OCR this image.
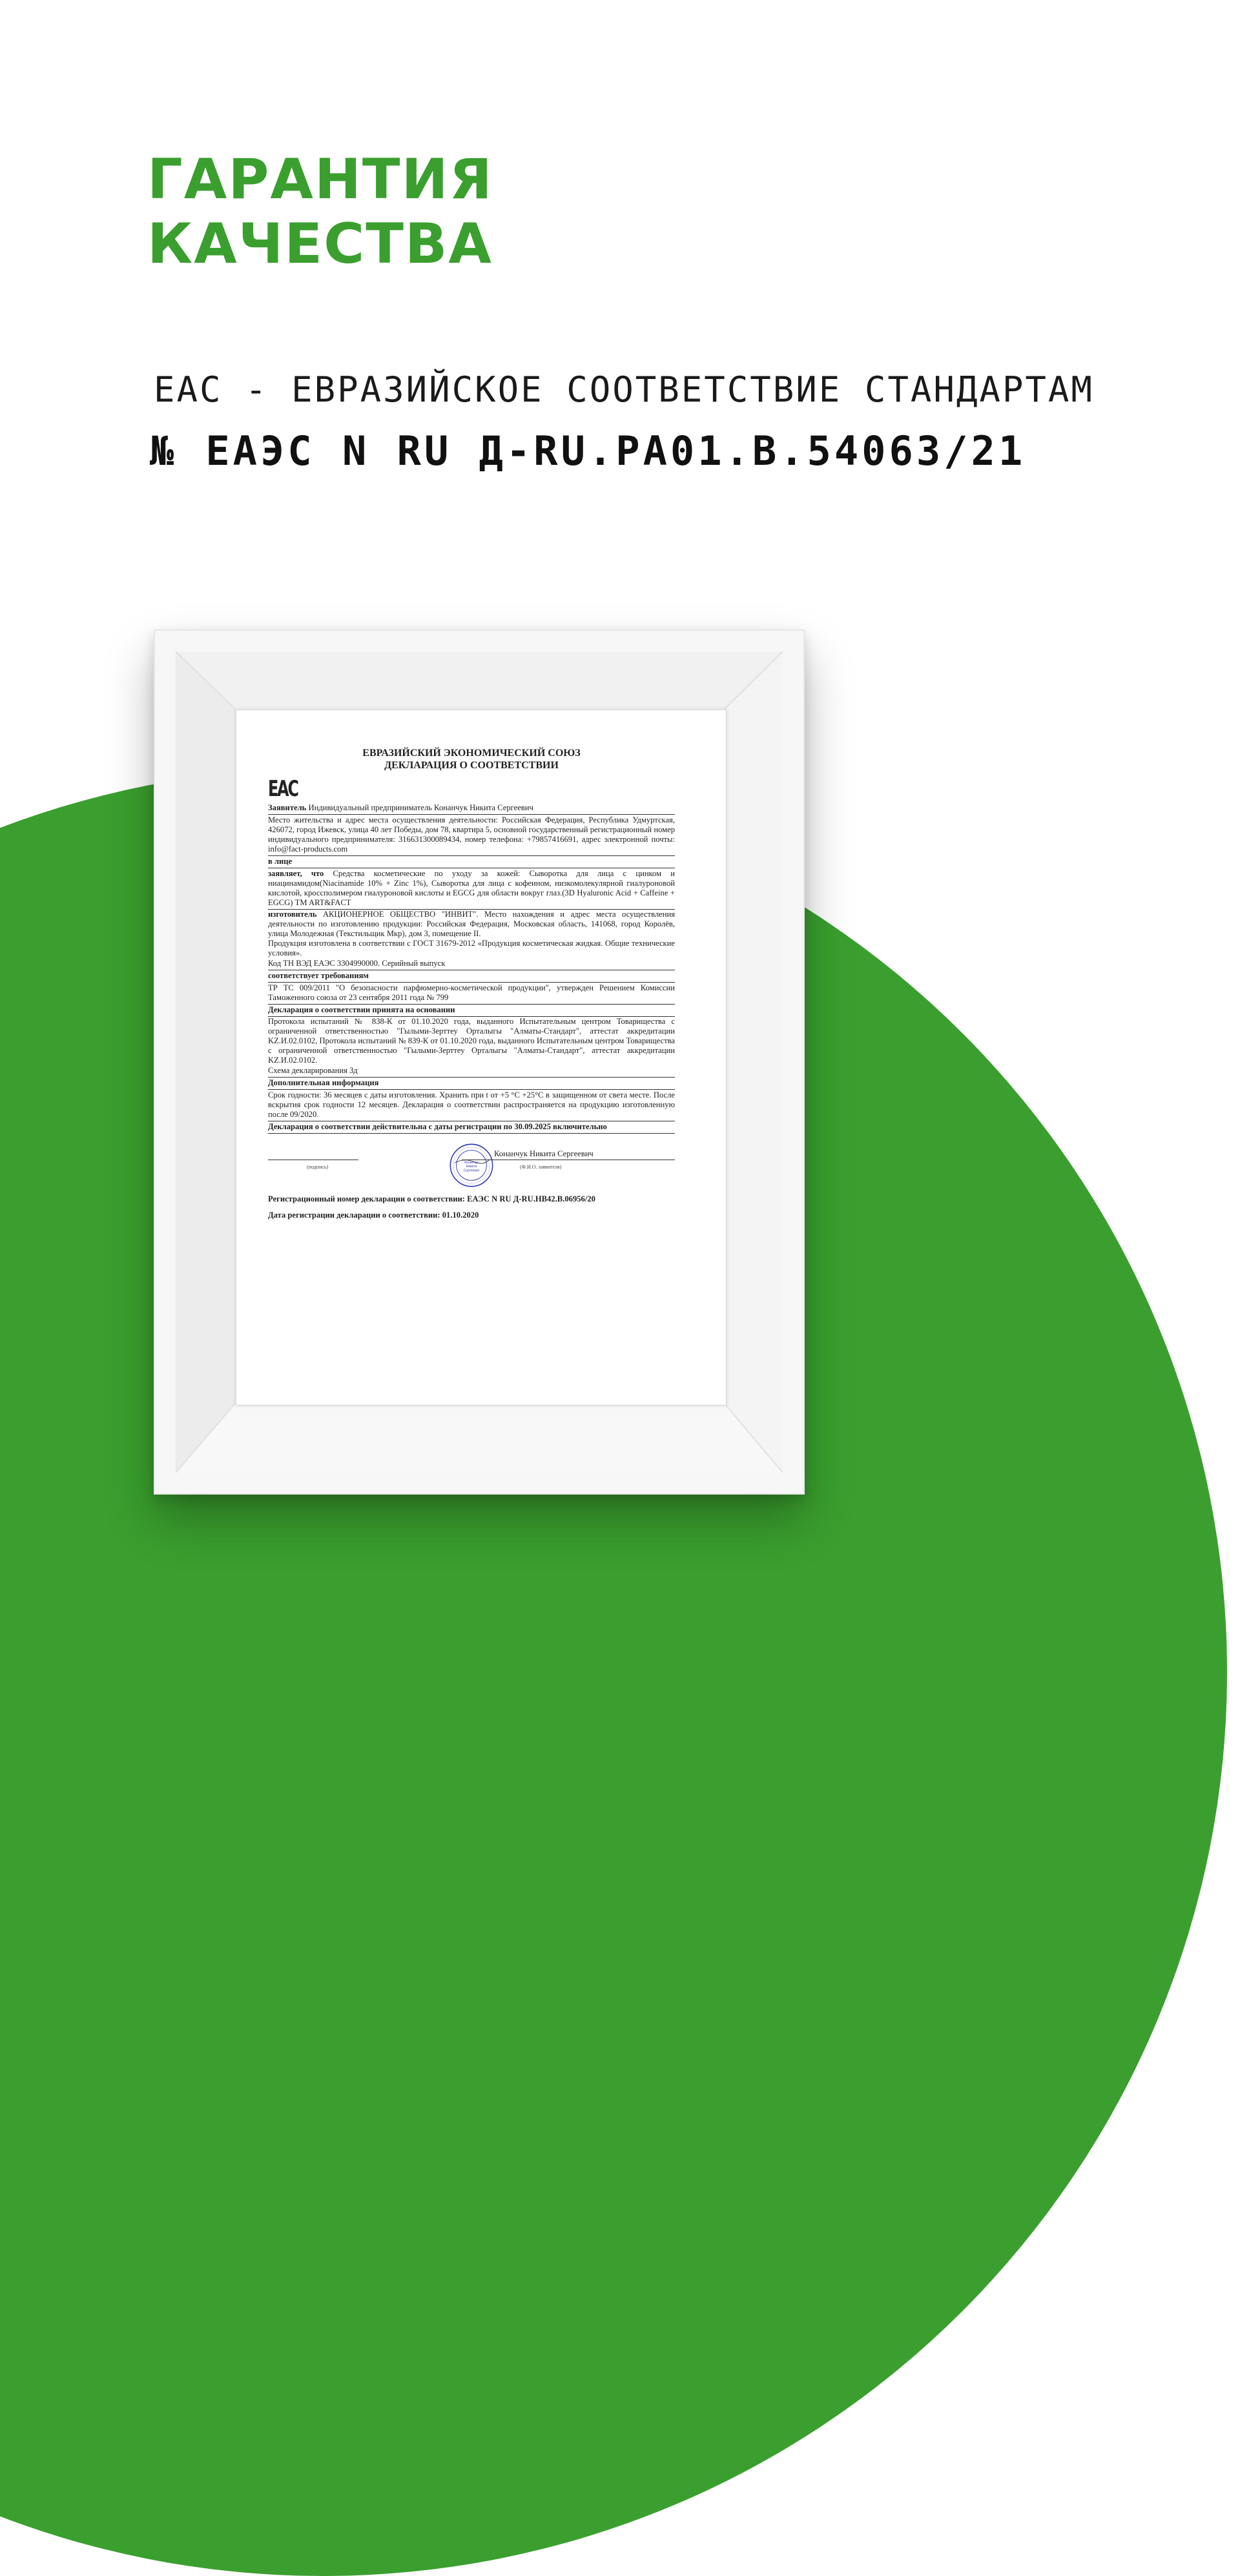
ГАРАНТИЯ
КАЧЕСТВА
EAC - ЕВРАЗИЙСКОЕ СООТВЕТСТВИЕ СТАНДАРТАМ
№ ЕАЭС N RU Д-RU.PA01.B.54063/21
ЕВРАЗИЙСКИЙ ЭКОНОМИЧЕСКИЙ СОЮЗ
ДЕКЛАРАЦИЯ О СООТВЕТСТВИИ
EAC
Заявитель Индивидуальный предприниматель Конанчук Никита Сергеевич
Место жительства и адрес места осуществления деятельности: Российская Федерация, Республика Удмуртская, 426072, город Ижевск, улица 40 лет Победы, дом 78, квартира 5, основной государственный регистрационный номер индивидуального предпринимателя: 316631300089434, номер телефона: +79857416691, адрес электронной почты: info@fact-products.com
в лице
заявляет, что Средства косметические по уходу за кожей: Сыворотка для лица с цинком и ниацинамидом(Niacinamide 10% + Zinc 1%), Сыворотка для лица с кофеином, низкомолекулярной гиалуроновой кислотой, кроссполимером гиалуроновой кислоты и EGCG для области вокруг глаз.(3D Hyaluronic Acid + Caffeine + EGCG) TM ART&FACT
изготовитель АКЦИОНЕРНОЕ ОБЩЕСТВО "ИНВИТ". Место нахождения и адрес места осуществления деятельности по изготовлению продукции: Российская Федерация, Московская область, 141068, город Королёв, улица Молодежная (Текстильщик Мкр), дом 3, помещение II.
Продукция изготовлена в соответствии с ГОСТ 31679-2012 «Продукция косметическая жидкая. Общие технические условия».
Код ТН ВЭД ЕАЭС 3304990000. Серийный выпуск
соответствует требованиям
ТР ТС 009/2011 "О безопасности парфюмерно-косметической продукции", утвержден Решением Комиссии Таможенного союза от 23 сентября 2011 года № 799
Декларация о соответствии принята на основании
Протокола испытаний № 838-К от 01.10.2020 года, выданного Испытательным центром Товарищества с ограниченной ответственностью "Гылыми-Зерттеу Орталыгы "Алматы-Стандарт", аттестат аккредитации KZ.И.02.0102, Протокола испытаний № 839-К от 01.10.2020 года, выданного Испытательным центром Товарищества с ограниченной ответственностью "Гылыми-Зерттеу Орталыгы "Алматы-Стандарт", аттестат аккредитации KZ.И.02.0102.
Схема декларирования 3д
Дополнительная информация
Срок годности: 36 месяцев с даты изготовления. Хранить при t от +5 °C +25°C в защищенном от света месте. После вскрытия срок годности 12 месяцев. Декларация о соответствии распространяется на продукцию изготовленную после 09/2020.
Декларация о соответствии действительна с даты регистрации по 30.09.2025 включительно
(подпись)
Конанчук
Никита
Сергеевич
Конанчук Никита Сергеевич
(Ф.И.О. заявителя)
Регистрационный номер декларации о соответствии: ЕАЭС N RU Д-RU.HB42.B.06956/20
Дата регистрации декларации о соответствии: 01.10.2020
